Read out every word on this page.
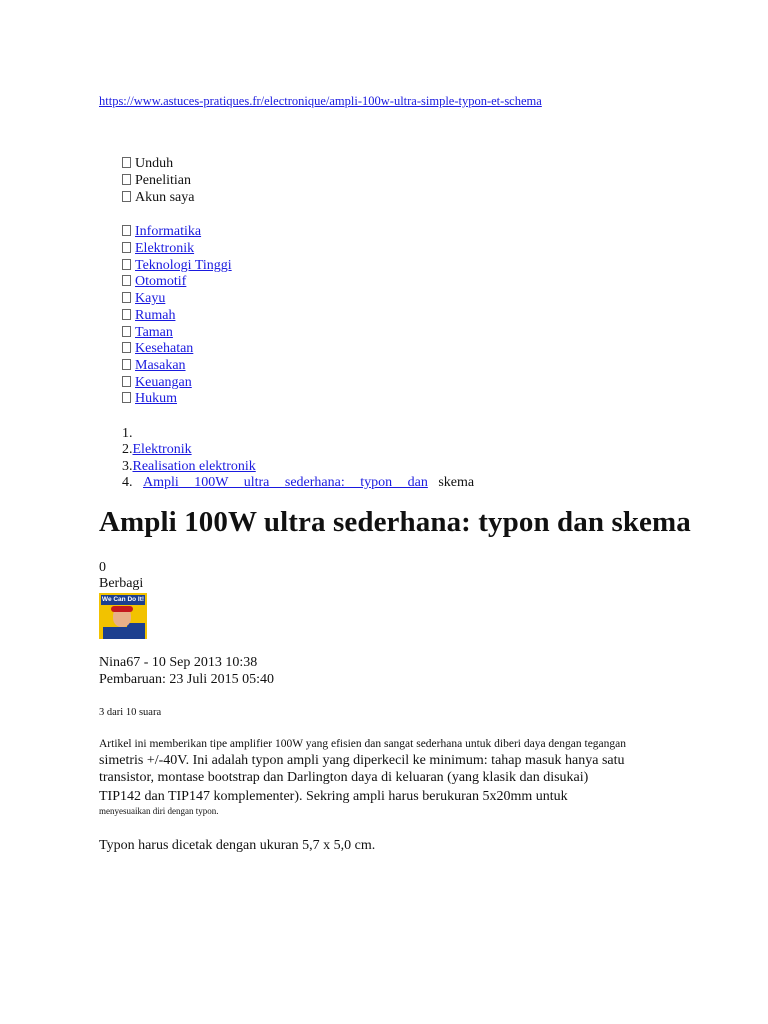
https://www.astuces-pratiques.fr/electronique/ampli-100w-ultra-simple-typon-et-schema
Unduh
Penelitian
Akun saya
Informatika
Elektronik
Teknologi Tinggi
Otomotif
Kayu
Rumah
Taman
Kesehatan
Masakan
Keuangan
Hukum
1.
2.Elektronik
3.Realisation elektronik
4. Ampli 100W ultra sederhana: typon dan skema
Ampli 100W ultra sederhana: typon dan skema
0
Berbagi
We Can Do It!
Nina67 - 10 Sep 2013 10:38
Pembaruan: 23 Juli 2015 05:40
3 dari 10 suara
Artikel ini memberikan tipe amplifier 100W yang efisien dan sangat sederhana untuk diberi daya dengan tegangan
simetris +/-40V. Ini adalah typon ampli yang diperkecil ke minimum: tahap masuk hanya satu
transistor, montase bootstrap dan Darlington daya di keluaran (yang klasik dan disukai)
TIP142 dan TIP147 komplementer). Sekring ampli harus berukuran 5x20mm untuk
menyesuaikan diri dengan typon.
Typon harus dicetak dengan ukuran 5,7 x 5,0 cm.
